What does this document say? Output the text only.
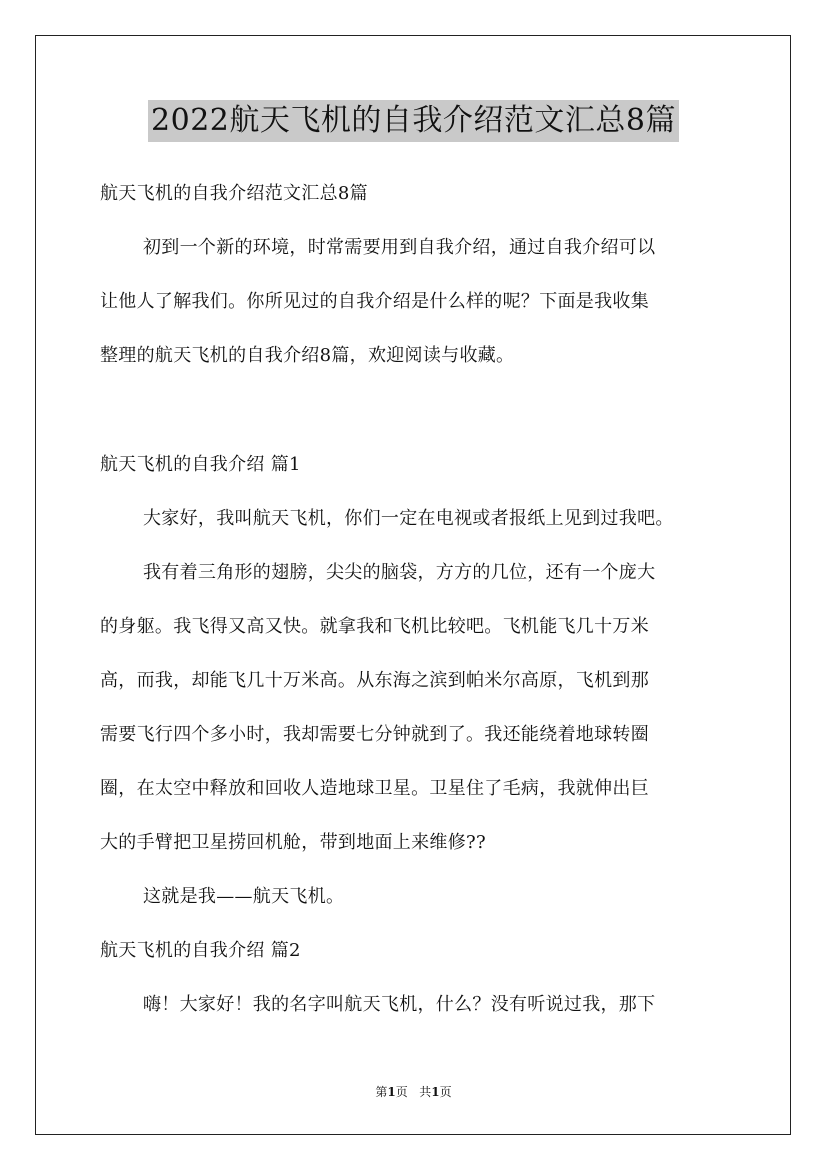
2022航天飞机的自我介绍范文汇总8篇
航天飞机的自我介绍范文汇总8篇
初到一个新的环境，时常需要用到自我介绍，通过自我介绍可以
让他人了解我们。你所见过的自我介绍是什么样的呢？下面是我收集
整理的航天飞机的自我介绍8篇，欢迎阅读与收藏。
航天飞机的自我介绍 篇1
大家好，我叫航天飞机，你们一定在电视或者报纸上见到过我吧。
我有着三角形的翅膀，尖尖的脑袋，方方的几位，还有一个庞大
的身躯。我飞得又高又快。就拿我和飞机比较吧。飞机能飞几十万米
高，而我，却能飞几十万米高。从东海之滨到帕米尔高原，飞机到那
需要飞行四个多小时，我却需要七分钟就到了。我还能绕着地球转圈
圈，在太空中释放和回收人造地球卫星。卫星住了毛病，我就伸出巨
大的手臂把卫星捞回机舱，带到地面上来维修??
这就是我——航天飞机。
航天飞机的自我介绍 篇2
嗨！大家好！我的名字叫航天飞机，什么？没有听说过我，那下
第1页 共1页
